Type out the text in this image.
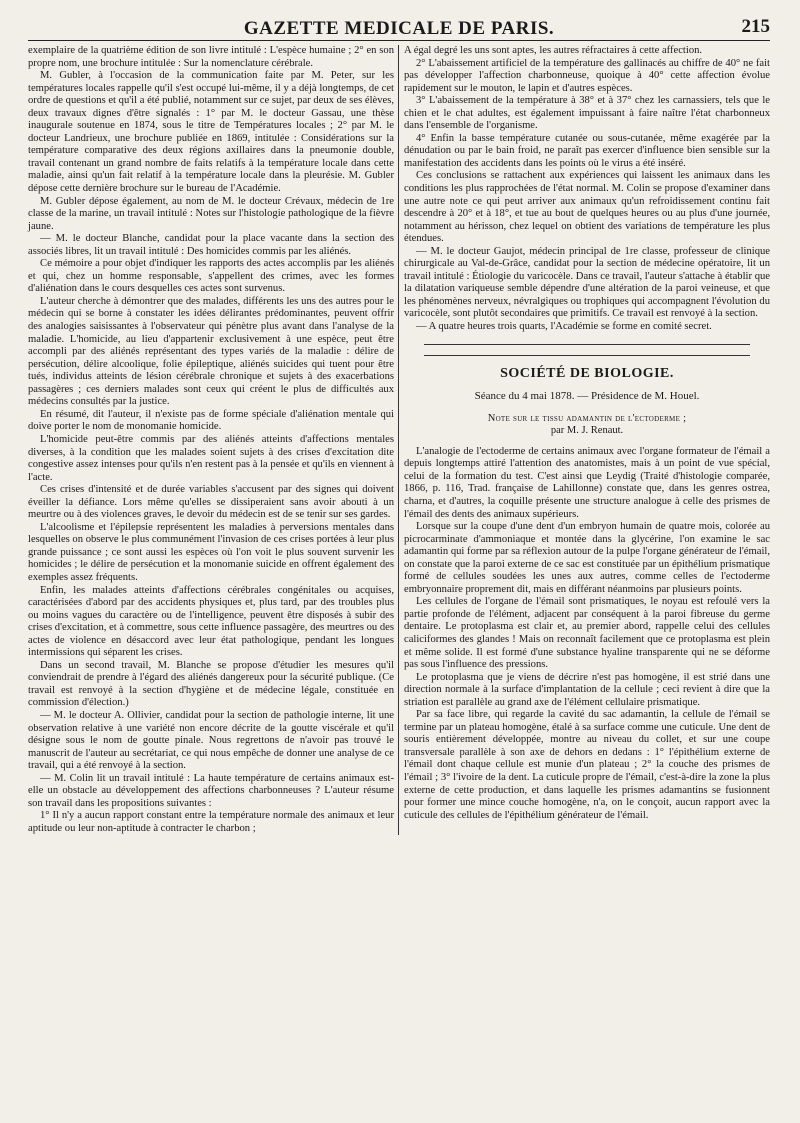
GAZETTE MEDICALE DE PARIS.	215

exemplaire de la quatrième édition de son livre intitulé : L'espèce humaine ; 2° en son propre nom, une brochure intitulée : Sur la nomenclature cérébrale.

M. Gubler, à l'occasion de la communication faite par M. Peter, sur les températures locales rappelle qu'il s'est occupé lui-même, il y a déjà longtemps, de cet ordre de questions et qu'il a été publié, notamment sur ce sujet, par deux de ses élèves, deux travaux dignes d'être signalés : 1° par M. le docteur Gassau, une thèse inaugurale soutenue en 1874, sous le titre de Températures locales ; 2° par M. le docteur Landrieux, une brochure publiée en 1869, intitulée : Considérations sur la température comparative des deux régions axillaires dans la pneumonie double, travail contenant un grand nombre de faits relatifs à la température locale dans cette maladie, ainsi qu'un fait relatif à la température locale dans la pleurésie. M. Gubler dépose cette dernière brochure sur le bureau de l'Académie.

M. Gubler dépose également, au nom de M. le docteur Crévaux, médecin de 1re classe de la marine, un travail intitulé : Notes sur l'histologie pathologique de la fièvre jaune.

— M. le docteur Blanche, candidat pour la place vacante dans la section des associés libres, lit un travail intitulé : Des homicides commis par les aliénés.

Ce mémoire a pour objet d'indiquer les rapports des actes accomplis par les aliénés et qui, chez un homme responsable, s'appellent des crimes, avec les formes d'aliénation dans le cours desquelles ces actes sont survenus.

L'auteur cherche à démontrer que des malades, différents les uns des autres pour le médecin qui se borne à constater les idées délirantes prédominantes, peuvent offrir des analogies saisissantes à l'observateur qui pénètre plus avant dans l'analyse de la maladie. L'homicide, au lieu d'appartenir exclusivement à une espèce, peut être accompli par des aliénés représentant des types variés de la maladie : délire de persécution, délire alcoolique, folie épileptique, aliénés suicides qui tuent pour être tués, individus atteints de lésion cérébrale chronique et sujets à des exacerbations passagères ; ces derniers malades sont ceux qui créent le plus de difficultés aux médecins consultés par la justice.

En résumé, dit l'auteur, il n'existe pas de forme spéciale d'aliénation mentale qui doive porter le nom de monomanie homicide.

L'homicide peut-être commis par des aliénés atteints d'affections mentales diverses, à la condition que les malades soient sujets à des crises d'excitation dite congestive assez intenses pour qu'ils n'en restent pas à la pensée et qu'ils en viennent à l'acte.

Ces crises d'intensité et de durée variables s'accusent par des signes qui doivent éveiller la défiance. Lors même qu'elles se dissiperaient sans avoir abouti à un meurtre ou à des violences graves, le devoir du médecin est de se tenir sur ses gardes.

L'alcoolisme et l'épilepsie représentent les maladies à perversions mentales dans lesquelles on observe le plus communément l'invasion de ces crises portées à leur plus grande puissance ; ce sont aussi les espèces où l'on voit le plus souvent survenir les homicides ; le délire de persécution et la monomanie suicide en offrent également des exemples assez fréquents.

Enfin, les malades atteints d'affections cérébrales congénitales ou acquises, caractérisées d'abord par des accidents physiques et, plus tard, par des troubles plus ou moins vagues du caractère ou de l'intelligence, peuvent être disposés à subir des crises d'excitation, et à commettre, sous cette influence passagère, des meurtres ou des actes de violence en désaccord avec leur état pathologique, pendant les longues intermissions qui séparent les crises.

Dans un second travail, M. Blanche se propose d'étudier les mesures qu'il conviendrait de prendre à l'égard des aliénés dangereux pour la sécurité publique. (Ce travail est renvoyé à la section d'hygiène et de médecine légale, constituée en commission d'élection.)

— M. le docteur A. Ollivier, candidat pour la section de pathologie interne, lit une observation relative à une variété non encore décrite de la goutte viscérale et qu'il désigne sous le nom de goutte pinale. Nous regrettons de n'avoir pas trouvé le manuscrit de l'auteur au secrétariat, ce qui nous empêche de donner une analyse de ce travail, qui a été renvoyé à la section.

— M. Colin lit un travail intitulé : La haute température de certains animaux est-elle un obstacle au développement des affections charbonneuses ? L'auteur résume son travail dans les propositions suivantes :

1° Il n'y a aucun rapport constant entre la température normale des animaux et leur aptitude ou leur non-aptitude à contracter le charbon ;

A égal degré les uns sont aptes, les autres réfractaires à cette affection.

2° L'abaissement artificiel de la température des gallinacés au chiffre de 40° ne fait pas développer l'affection charbonneuse, quoique à 40° cette affection évolue rapidement sur le mouton, le lapin et d'autres espèces.

3° L'abaissement de la température à 38° et à 37° chez les carnassiers, tels que le chien et le chat adultes, est également impuissant à faire naître l'état charbonneux dans l'ensemble de l'organisme.

4° Enfin la basse température cutanée ou sous-cutanée, même exagérée par la dénudation ou par le bain froid, ne paraît pas exercer d'influence bien sensible sur la manifestation des accidents dans les points où le virus a été inséré.

Ces conclusions se rattachent aux expériences qui laissent les animaux dans les conditions les plus rapprochées de l'état normal. M. Colin se propose d'examiner dans une autre note ce qui peut arriver aux animaux qu'un refroidissement continu fait descendre à 20° et à 18°, et tue au bout de quelques heures ou au plus d'une journée, notamment au hérisson, chez lequel on obtient des variations de température les plus étendues.

— M. le docteur Gaujot, médecin principal de 1re classe, professeur de clinique chirurgicale au Val-de-Grâce, candidat pour la section de médecine opératoire, lit un travail intitulé : Étiologie du varicocèle. Dans ce travail, l'auteur s'attache à établir que la dilatation variqueuse semble dépendre d'une altération de la paroi veineuse, et que les phénomènes nerveux, névralgiques ou trophiques qui accompagnent l'évolution du varicocèle, sont plutôt secondaires que primitifs. Ce travail est renvoyé à la section.

— A quatre heures trois quarts, l'Académie se forme en comité secret.

SOCIÉTÉ DE BIOLOGIE.
Séance du 4 mai 1878. — Présidence de M. Houel.
Note sur le tissu adamantin de l'ectoderme ;
par M. J. Renaut.

L'analogie de l'ectoderme de certains animaux avec l'organe formateur de l'émail a depuis longtemps attiré l'attention des anatomistes, mais à un point de vue spécial, celui de la formation du test. C'est ainsi que Leydig (Traité d'histologie comparée, 1866, p. 116, Trad. française de Lahillonne) constate que, dans les genres ostrea, charna, et d'autres, la coquille présente une structure analogue à celle des prismes de l'émail des dents des animaux supérieurs.

Lorsque sur la coupe d'une dent d'un embryon humain de quatre mois, colorée au picrocarminate d'ammoniaque et montée dans la glycérine, l'on examine le sac adamantin qui forme par sa réflexion autour de la pulpe l'organe générateur de l'émail, on constate que la paroi externe de ce sac est constituée par un épithélium prismatique formé de cellules soudées les unes aux autres, comme celles de l'ectoderme embryonnaire proprement dit, mais en différant néanmoins par plusieurs points.

Les cellules de l'organe de l'émail sont prismatiques, le noyau est refoulé vers la partie profonde de l'élément, adjacent par conséquent à la paroi fibreuse du germe dentaire. Le protoplasma est clair et, au premier abord, rappelle celui des cellules caliciformes des glandes ! Mais on reconnaît facilement que ce protoplasma est plein et même solide. Il est formé d'une substance hyaline transparente qui ne se déforme pas sous l'influence des pressions.

Le protoplasma que je viens de décrire n'est pas homogène, il est strié dans une direction normale à la surface d'implantation de la cellule ; ceci revient à dire que la striation est parallèle au grand axe de l'élément cellulaire prismatique.

Par sa face libre, qui regarde la cavité du sac adamantin, la cellule de l'émail se termine par un plateau homogène, étalé à sa surface comme une cuticule. Une dent de souris entièrement développée, montre au niveau du collet, et sur une coupe transversale parallèle à son axe de dehors en dedans : 1° l'épithélium externe de l'émail dont chaque cellule est munie d'un plateau ; 2° la couche des prismes de l'émail ; 3° l'ivoire de la dent. La cuticule propre de l'émail, c'est-à-dire la zone la plus externe de cette production, et dans laquelle les prismes adamantins se fusionnent pour former une mince couche homogène, n'a, on le conçoit, aucun rapport avec la cuticule des cellules de l'épithélium générateur de l'émail.
